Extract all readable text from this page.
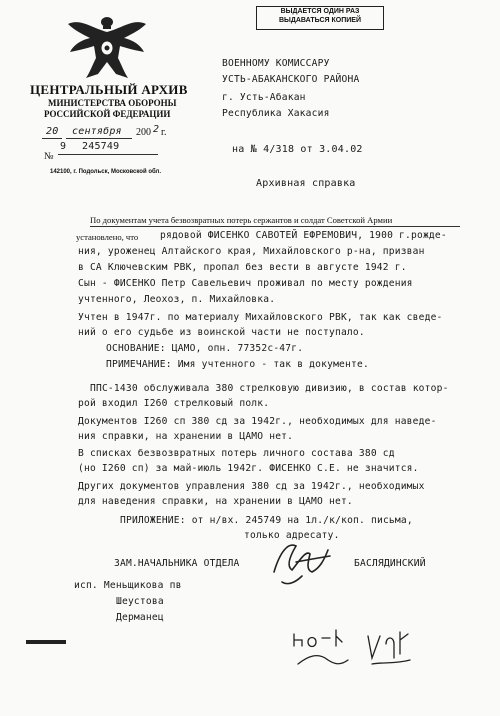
ЦЕНТРАЛЬНЫЙ АРХИВ
МИНИСТЕРСТВА ОБОРОНЫ
РОССИЙСКОЙ ФЕДЕРАЦИИ
20 сентября 200 2 г.
9 245749
№
142100, г. Подольск, Московской обл.
ВЫДАЕТСЯ ОДИН РАЗ
ВЫДАВАТЬСЯ КОПИЕЙ
ВОЕННОМУ КОМИССАРУ
УСТЬ-АБАКАНСКОГО РАЙОНА
г. Усть-Абакан
Республика Хакасия
на № 4/318 от 3.04.02
Архивная справка
По документам учета безвозвратных потерь сержантов и солдат Советской Армии
установлено, что рядовой ФИСЕНКО САВОТЕЙ ЕФРЕМОВИЧ, 1900 г.рожде-
ния, уроженец Алтайского края, Михайловского р-на, призван
в СА Ключевским РВК, пропал без вести в августе 1942 г.
Сын - ФИСЕНКО Петр Савельевич проживал по месту рождения
учтенного, Леохоз, п. Михайловка.
Учтен в 1947г. по материалу Михайловского РВК, так как сведе-
ний о его судьбе из воинской части не поступало.
ОСНОВАНИЕ: ЦАМО, опн. 77352с-47г.
ПРИМЕЧАНИЕ: Имя учтенного - так в документе.
ППС-1430 обслуживала 380 стрелковую дивизию, в состав котор-
рой входил I260 стрелковый полк.
Документов I260 сп 380 сд за 1942г., необходимых для наведе-
ния справки, на хранении в ЦАМО нет.
В списках безвозвратных потерь личного состава 380 сд
(но I260 сп) за май-июль 1942г. ФИСЕНКО С.Е. не значится.
Других документов управления 380 сд за 1942г., необходимых
для наведения справки, на хранении в ЦАМО нет.
ПРИЛОЖЕНИЕ: от н/вх. 245749 на 1л./к/коп. письма,
только адресату.
ЗАМ.НАЧАЛЬНИКА ОТДЕЛА	БАСЛЯДИНСКИЙ
исп. Меньщикова пв
Шеустова
Дерманец
